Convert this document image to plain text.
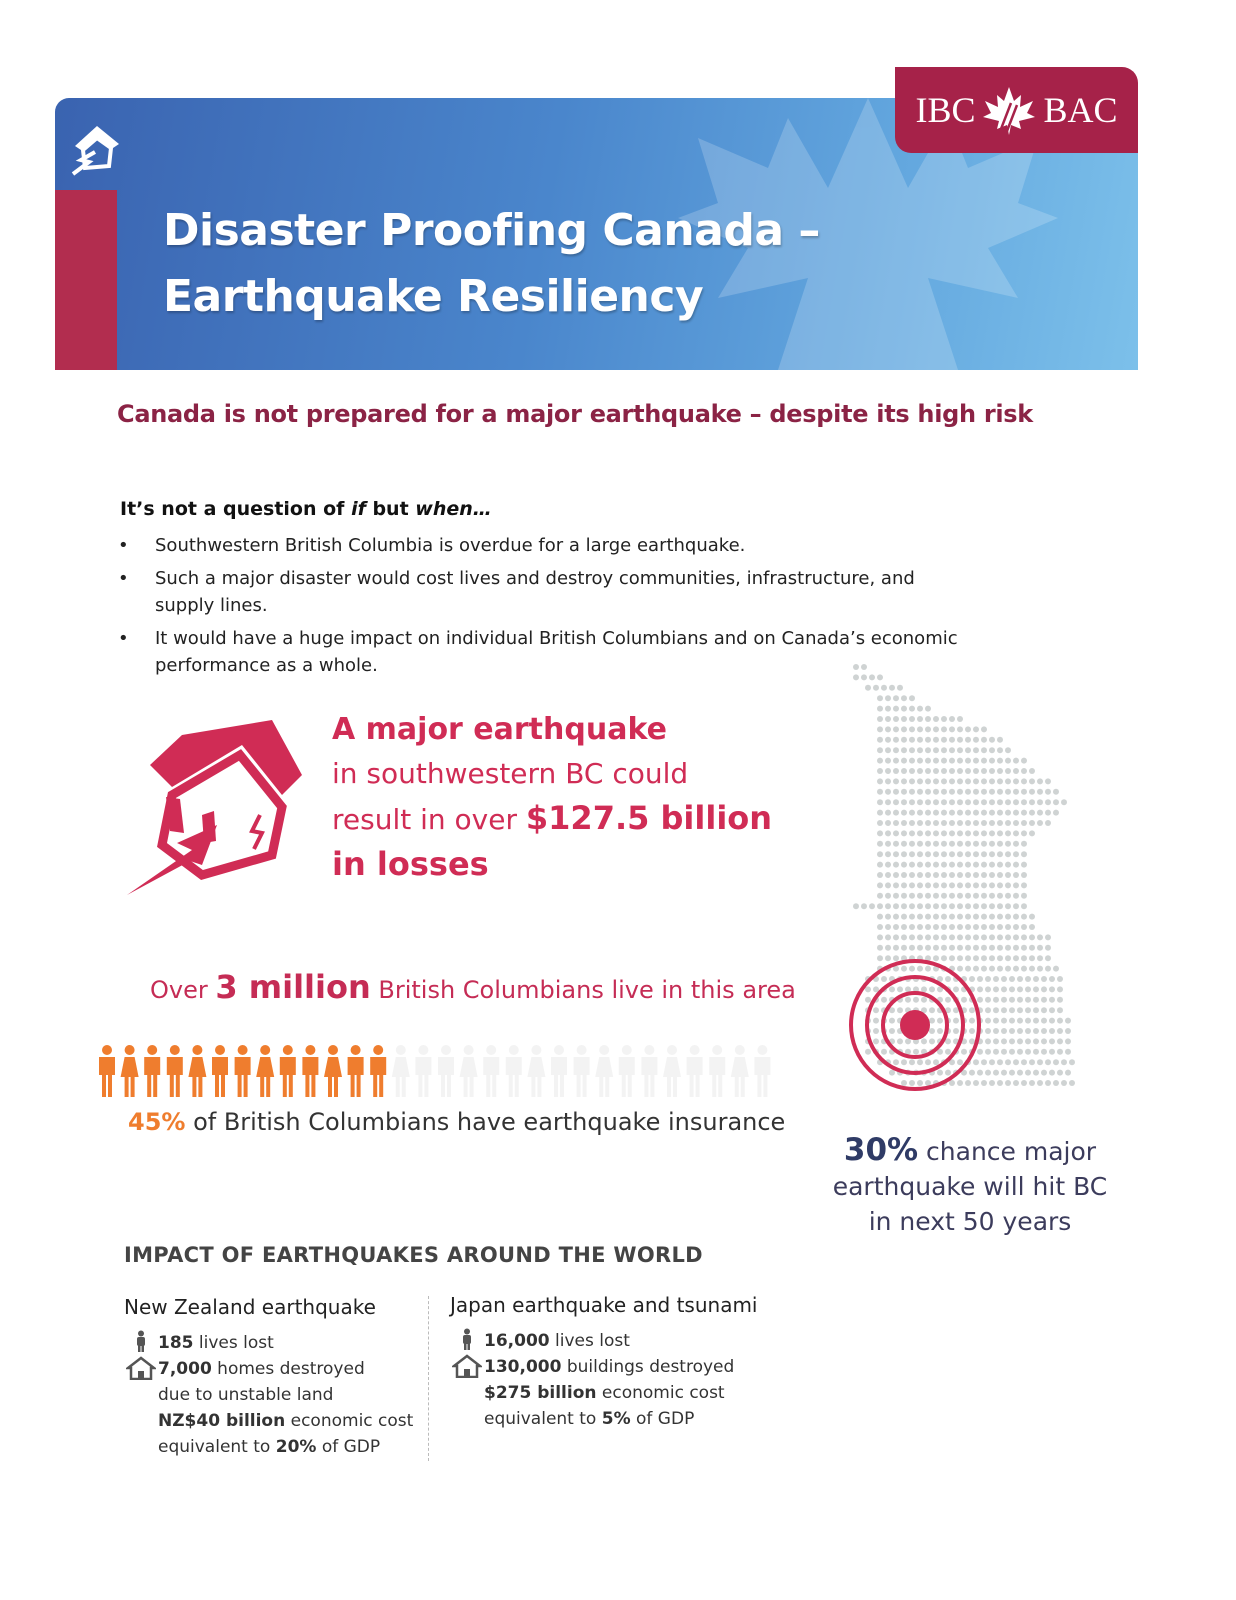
Disaster Proofing Canada –
Earthquake Resiliency
IBC BAC
Canada is not prepared for a major earthquake – despite its high risk
It’s not a question of if but when…
• Southwestern British Columbia is overdue for a large earthquake.
• Such a major disaster would cost lives and destroy communities, infrastructure, and supply lines.
• It would have a huge impact on individual British Columbians and on Canada’s economic performance as a whole.
A major earthquake
in southwestern BC could
result in over $127.5 billion
in losses
Over 3 million British Columbians live in this area
45% of British Columbians have earthquake insurance
30% chance major
earthquake will hit BC
in next 50 years
IMPACT OF EARTHQUAKES AROUND THE WORLD
New Zealand earthquake
185 lives lost
7,000 homes destroyed
due to unstable land
NZ$40 billion economic cost
equivalent to 20% of GDP
Japan earthquake and tsunami
16,000 lives lost
130,000 buildings destroyed
$275 billion economic cost
equivalent to 5% of GDP
